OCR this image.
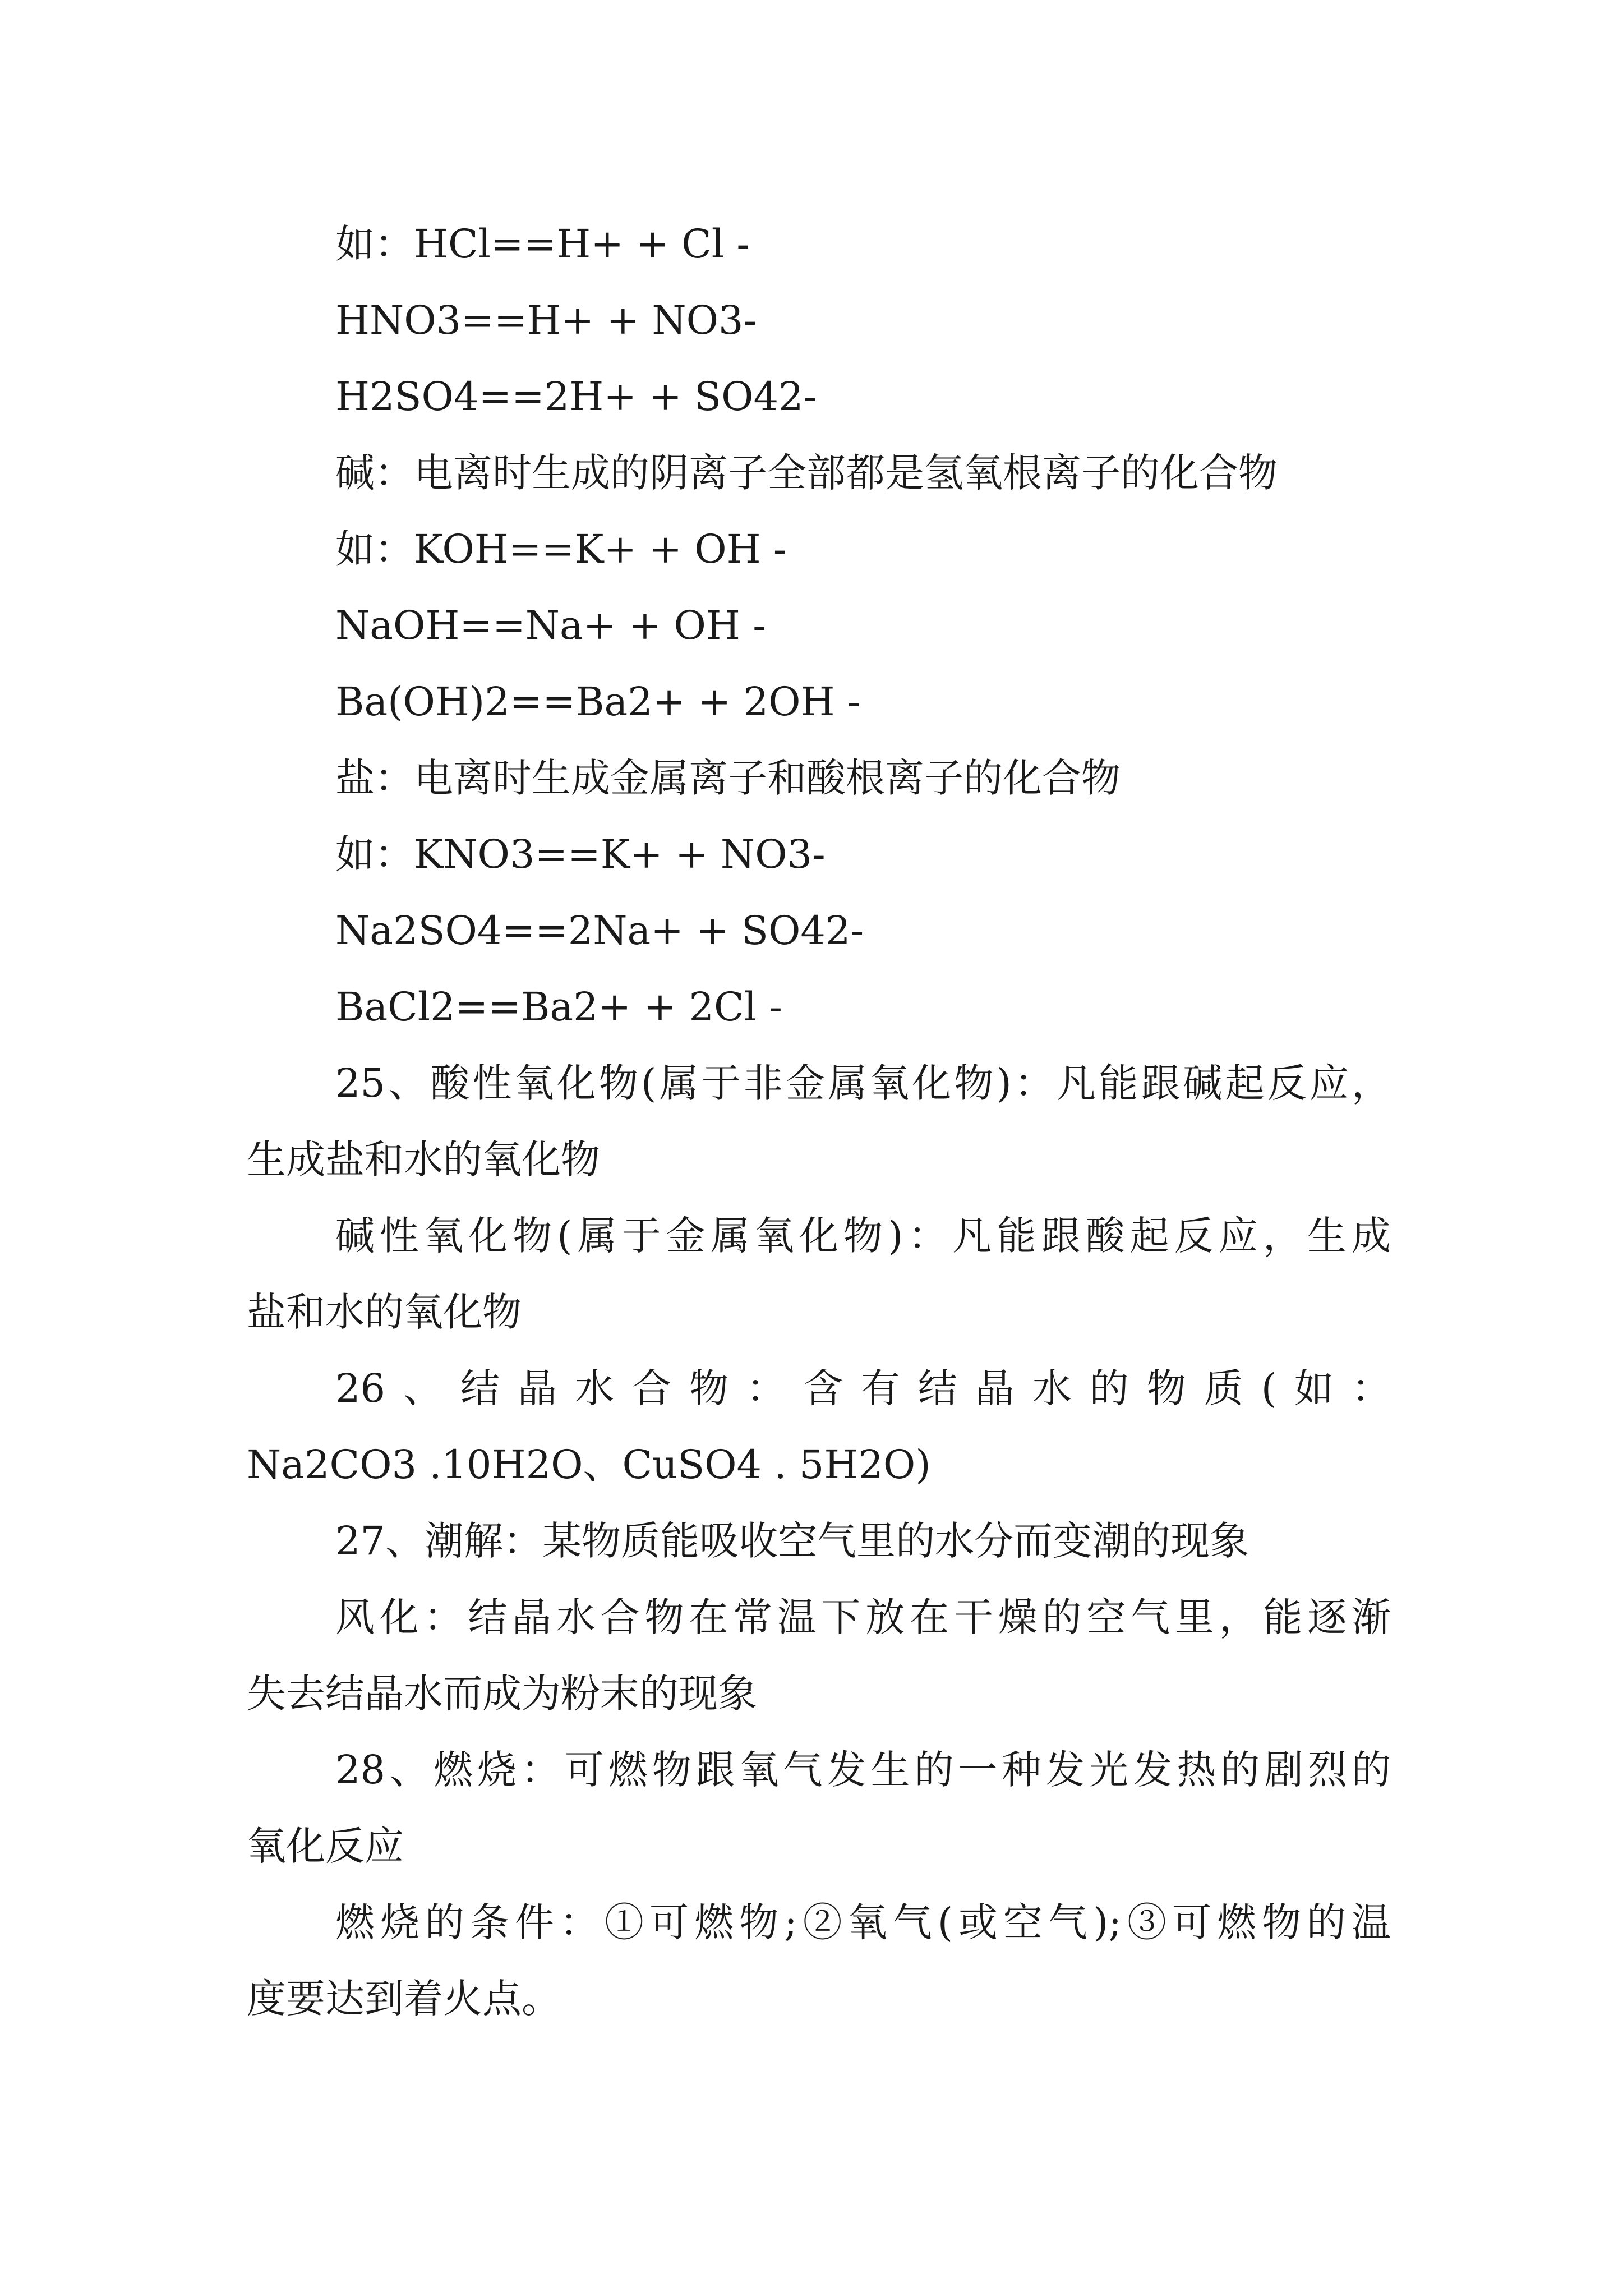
如：HCl==H+ + Cl -
HNO3==H+ + NO3-
H2SO4==2H+ + SO42-
碱：电离时生成的阴离子全部都是氢氧根离子的化合物
如：KOH==K+ + OH -
NaOH==Na+ + OH -
Ba(OH)2==Ba2+ + 2OH -
盐：电离时生成金属离子和酸根离子的化合物
如：KNO3==K+ + NO3-
Na2SO4==2Na+ + SO42-
BaCl2==Ba2+ + 2Cl -
25、酸性氧化物(属于非金属氧化物)：凡能跟碱起反应，
生成盐和水的氧化物
碱性氧化物(属于金属氧化物)：凡能跟酸起反应，生成
盐和水的氧化物
26、结晶水合物：含有结晶水的物质(如：
Na2CO3 .10H2O、CuSO4 . 5H2O)
27、潮解：某物质能吸收空气里的水分而变潮的现象
风化：结晶水合物在常温下放在干燥的空气里，能逐渐
失去结晶水而成为粉末的现象
28、燃烧：可燃物跟氧气发生的一种发光发热的剧烈的
氧化反应
燃烧的条件：①可燃物;②氧气(或空气);③可燃物的温
度要达到着火点。
